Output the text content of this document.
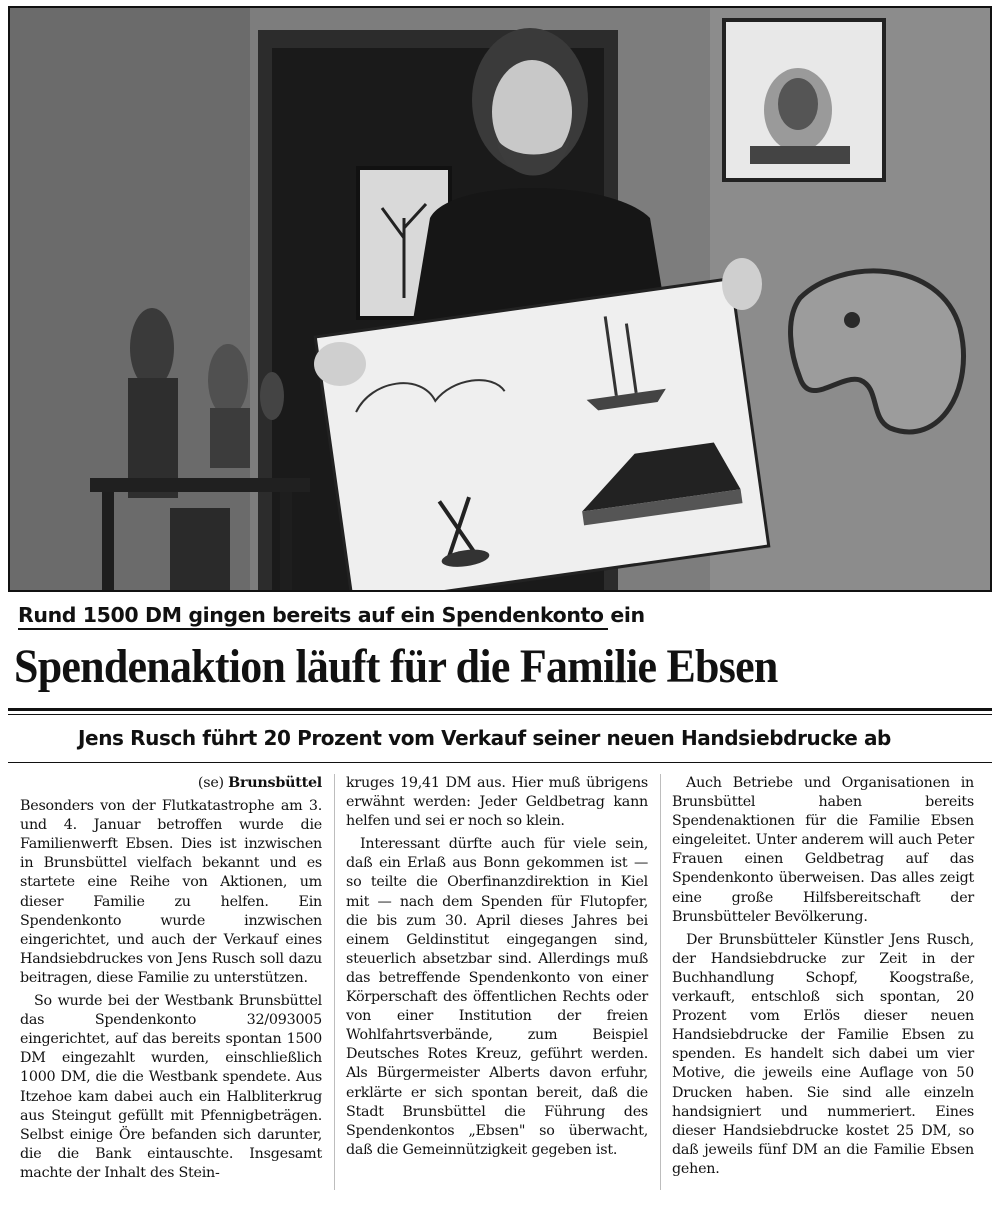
Rund 1500 DM gingen bereits auf ein Spendenkonto ein
Spendenaktion läuft für die Familie Ebsen
Jens Rusch führt 20 Prozent vom Verkauf seiner neuen Handsiebdrucke ab

(se) Brunsbüttel

Besonders von der Flutkatastrophe am 3. und 4. Januar betroffen wurde die Familienwerft Ebsen. Dies ist inzwischen in Brunsbüttel vielfach bekannt und es startete eine Reihe von Aktionen, um dieser Familie zu helfen. Ein Spendenkonto wurde inzwischen eingerichtet, und auch der Verkauf eines Handsiebdruckes von Jens Rusch soll dazu beitragen, diese Familie zu unterstützen.

So wurde bei der Westbank Brunsbüttel das Spendenkonto 32/093005 eingerichtet, auf das bereits spontan 1500 DM eingezahlt wurden, einschließlich 1000 DM, die die Westbank spendete. Aus Itzehoe kam dabei auch ein Halbliterkrug aus Steingut gefüllt mit Pfennigbeträgen. Selbst einige Öre befanden sich darunter, die die Bank eintauschte. Insgesamt machte der Inhalt des Stein-

kruges 19,41 DM aus. Hier muß übrigens erwähnt werden: Jeder Geldbetrag kann helfen und sei er noch so klein.

Interessant dürfte auch für viele sein, daß ein Erlaß aus Bonn gekommen ist — so teilte die Oberfinanzdirektion in Kiel mit — nach dem Spenden für Flutopfer, die bis zum 30. April dieses Jahres bei einem Geldinstitut eingegangen sind, steuerlich absetzbar sind. Allerdings muß das betreffende Spendenkonto von einer Körperschaft des öffentlichen Rechts oder von einer Institution der freien Wohlfahrtsverbände, zum Beispiel Deutsches Rotes Kreuz, geführt werden. Als Bürgermeister Alberts davon erfuhr, erklärte er sich spontan bereit, daß die Stadt Brunsbüttel die Führung des Spendenkontos „Ebsen" so überwacht, daß die Gemeinnützigkeit gegeben ist.

Auch Betriebe und Organisationen in Brunsbüttel haben bereits Spendenaktionen für die Familie Ebsen eingeleitet. Unter anderem will auch Peter Frauen einen Geldbetrag auf das Spendenkonto überweisen. Das alles zeigt eine große Hilfsbereitschaft der Brunsbütteler Bevölkerung.

Der Brunsbütteler Künstler Jens Rusch, der Handsiebdrucke zur Zeit in der Buchhandlung Schopf, Koogstraße, verkauft, entschloß sich spontan, 20 Prozent vom Erlös dieser neuen Handsiebdrucke der Familie Ebsen zu spenden. Es handelt sich dabei um vier Motive, die jeweils eine Auflage von 50 Drucken haben. Sie sind alle einzeln handsigniert und nummeriert. Eines dieser Handsiebdrucke kostet 25 DM, so daß jeweils fünf DM an die Familie Ebsen gehen.
